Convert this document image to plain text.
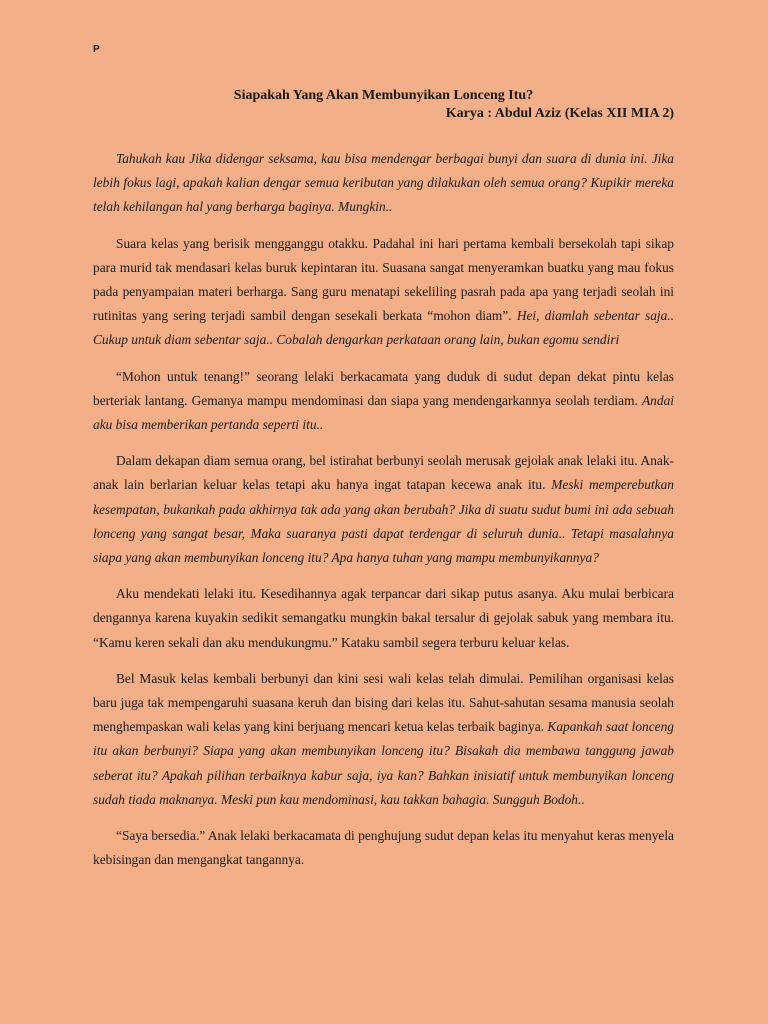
P
Siapakah Yang Akan Membunyikan Lonceng Itu?
Karya : Abdul Aziz (Kelas XII MIA 2)

Tahukah kau Jika didengar seksama, kau bisa mendengar berbagai bunyi dan suara di dunia ini. Jika lebih fokus lagi, apakah kalian dengar semua keributan yang dilakukan oleh semua orang? Kupikir mereka telah kehilangan hal yang berharga baginya. Mungkin..

Suara kelas yang berisik mengganggu otakku. Padahal ini hari pertama kembali bersekolah tapi sikap para murid tak mendasari kelas buruk kepintaran itu. Suasana sangat menyeramkan buatku yang mau fokus pada penyampaian materi berharga. Sang guru menatapi sekeliling pasrah pada apa yang terjadi seolah ini rutinitas yang sering terjadi sambil dengan sesekali berkata “mohon diam”. Hei, diamlah sebentar saja.. Cukup untuk diam sebentar saja.. Cobalah dengarkan perkataan orang lain, bukan egomu sendiri

“Mohon untuk tenang!” seorang lelaki berkacamata yang duduk di sudut depan dekat pintu kelas berteriak lantang. Gemanya mampu mendominasi dan siapa yang mendengarkannya seolah terdiam. Andai aku bisa memberikan pertanda seperti itu..

Dalam dekapan diam semua orang, bel istirahat berbunyi seolah merusak gejolak anak lelaki itu. Anak-anak lain berlarian keluar kelas tetapi aku hanya ingat tatapan kecewa anak itu. Meski memperebutkan kesempatan, bukankah pada akhirnya tak ada yang akan berubah? Jika di suatu sudut bumi ini ada sebuah lonceng yang sangat besar, Maka suaranya pasti dapat terdengar di seluruh dunia.. Tetapi masalahnya siapa yang akan membunyikan lonceng itu? Apa hanya tuhan yang mampu membunyikannya?

Aku mendekati lelaki itu. Kesedihannya agak terpancar dari sikap putus asanya. Aku mulai berbicara dengannya karena kuyakin sedikit semangatku mungkin bakal tersalur di gejolak sabuk yang membara itu. “Kamu keren sekali dan aku mendukungmu.” Kataku sambil segera terburu keluar kelas.

Bel Masuk kelas kembali berbunyi dan kini sesi wali kelas telah dimulai. Pemilihan organisasi kelas baru juga tak mempengaruhi suasana keruh dan bising dari kelas itu. Sahut-sahutan sesama manusia seolah menghempaskan wali kelas yang kini berjuang mencari ketua kelas terbaik baginya. Kapankah saat lonceng itu akan berbunyi? Siapa yang akan membunyikan lonceng itu? Bisakah dia membawa tanggung jawab seberat itu? Apakah pilihan terbaiknya kabur saja, iya kan? Bahkan inisiatif untuk membunyikan lonceng sudah tiada maknanya. Meski pun kau mendominasi, kau takkan bahagia. Sungguh Bodoh..

“Saya bersedia.” Anak lelaki berkacamata di penghujung sudut depan kelas itu menyahut keras menyela kebisingan dan mengangkat tangannya.
